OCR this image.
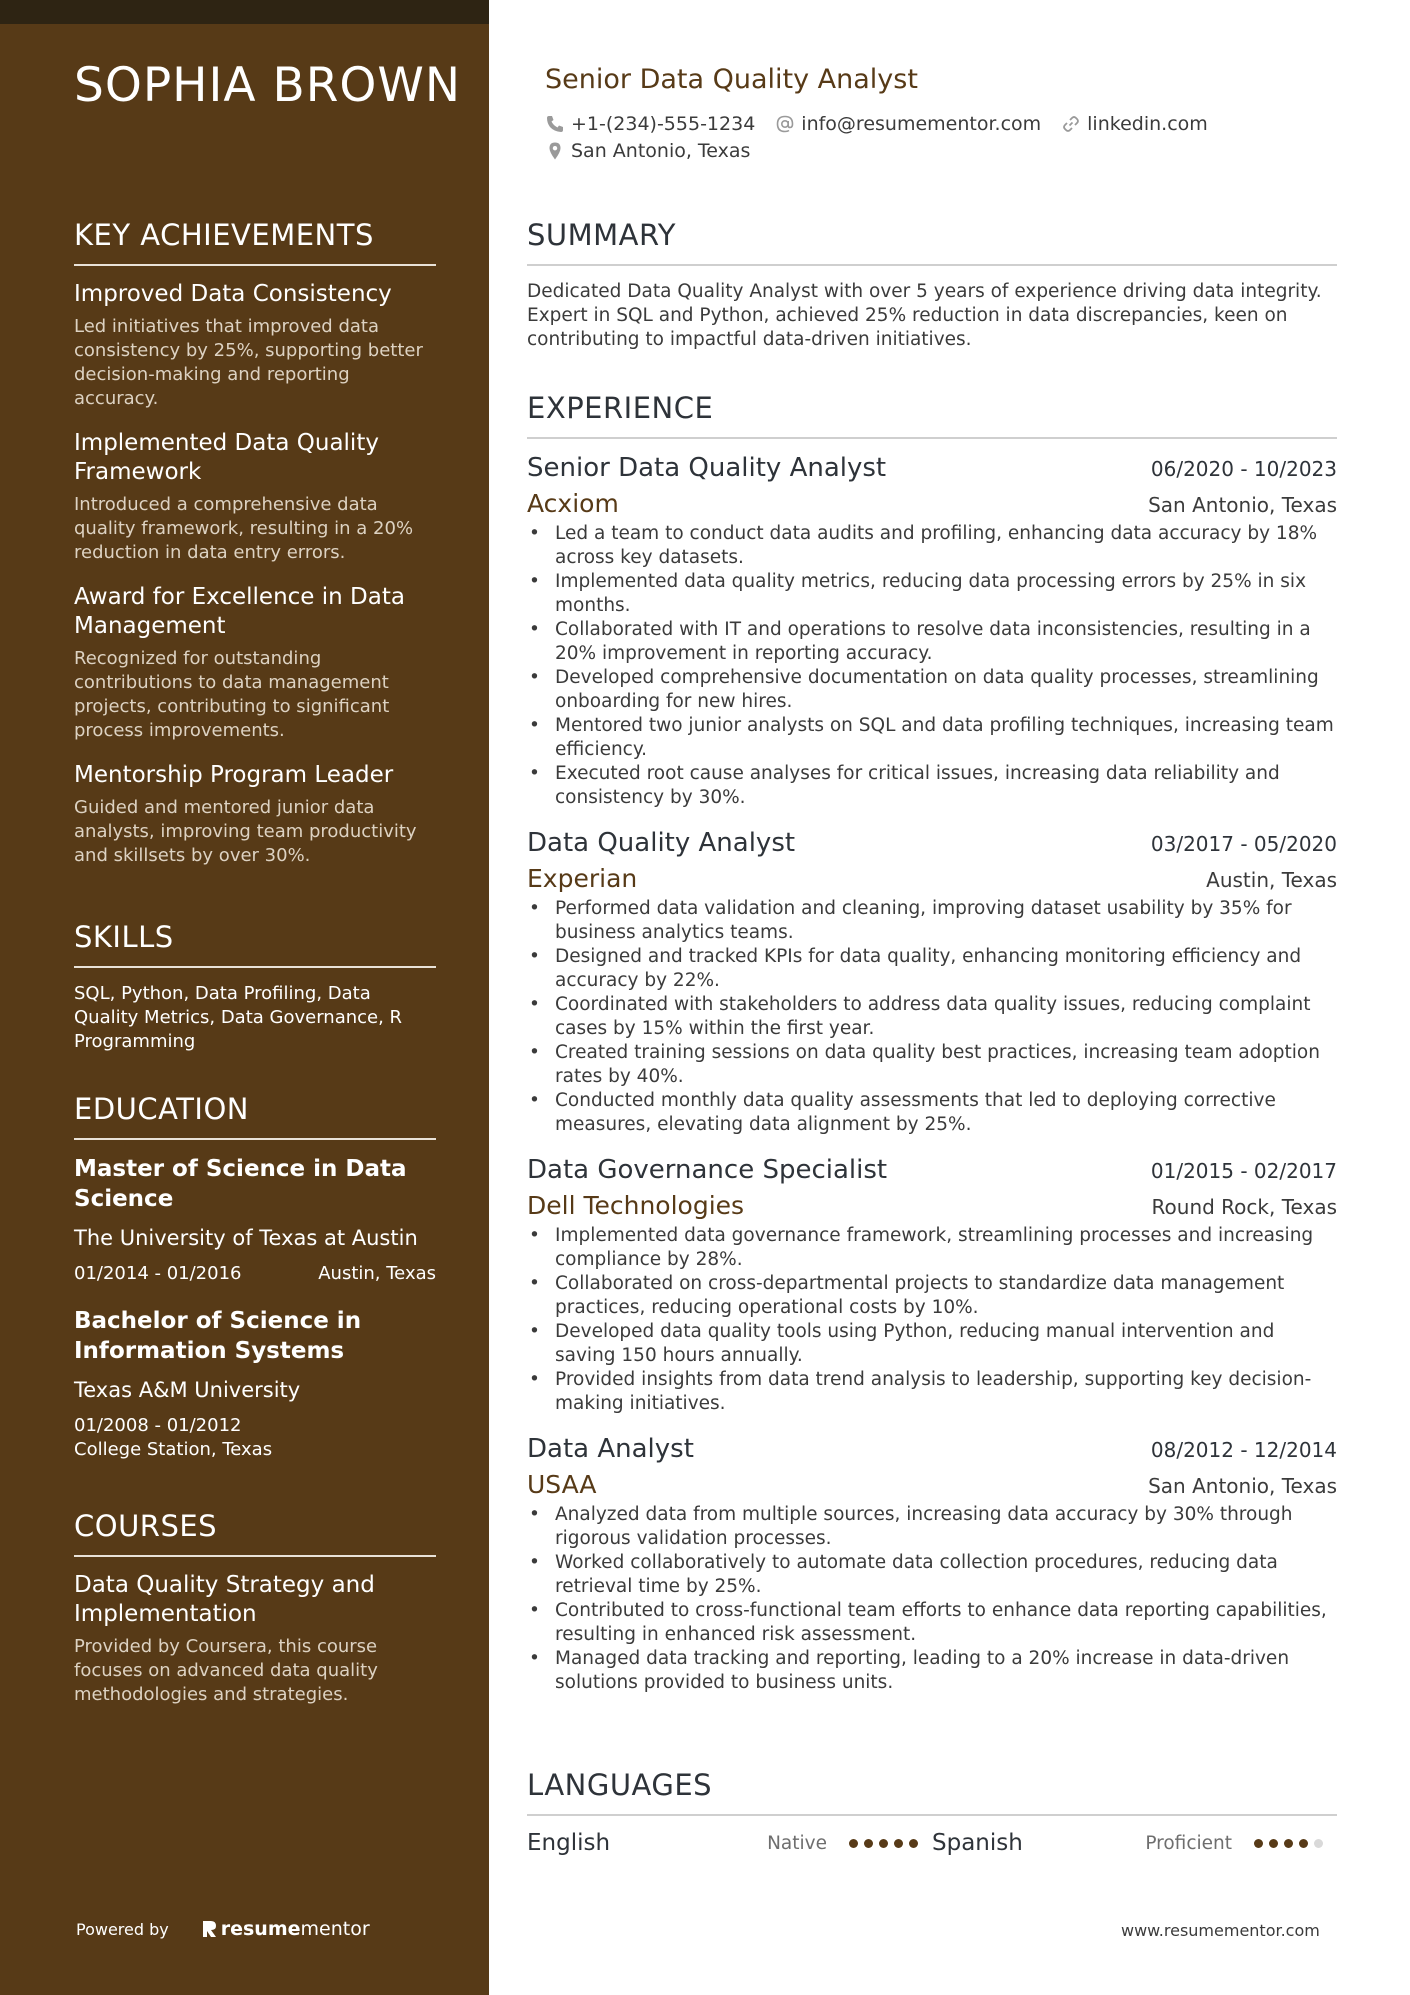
SOPHIA BROWN
KEY ACHIEVEMENTS
Improved Data Consistency
Led initiatives that improved data consistency by 25%, supporting better decision-making and reporting accuracy.
Implemented Data Quality Framework
Introduced a comprehensive data quality framework, resulting in a 20% reduction in data entry errors.
Award for Excellence in Data Management
Recognized for outstanding contributions to data management projects, contributing to significant process improvements.
Mentorship Program Leader
Guided and mentored junior data analysts, improving team productivity and skillsets by over 30%.
SKILLS
SQL, Python, Data Profiling, Data Quality Metrics, Data Governance, R Programming
EDUCATION
Master of Science in Data Science
The University of Texas at Austin
01/2014 - 01/2016	Austin, Texas
Bachelor of Science in Information Systems
Texas A&M University
01/2008 - 01/2012
College Station, Texas
COURSES
Data Quality Strategy and Implementation
Provided by Coursera, this course focuses on advanced data quality methodologies and strategies.
Powered by	resume mentor
Senior Data Quality Analyst
+1-(234)-555-1234 info@resumementor.com linkedin.com
San Antonio, Texas
SUMMARY
Dedicated Data Quality Analyst with over 5 years of experience driving data integrity. Expert in SQL and Python, achieved 25% reduction in data discrepancies, keen on contributing to impactful data-driven initiatives.
EXPERIENCE
Senior Data Quality Analyst	06/2020 - 10/2023
Acxiom	San Antonio, Texas
• Led a team to conduct data audits and profiling, enhancing data accuracy by 18% across key datasets.
• Implemented data quality metrics, reducing data processing errors by 25% in six months.
• Collaborated with IT and operations to resolve data inconsistencies, resulting in a 20% improvement in reporting accuracy.
• Developed comprehensive documentation on data quality processes, streamlining onboarding for new hires.
• Mentored two junior analysts on SQL and data profiling techniques, increasing team efficiency.
• Executed root cause analyses for critical issues, increasing data reliability and consistency by 30%.
Data Quality Analyst	03/2017 - 05/2020
Experian	Austin, Texas
• Performed data validation and cleaning, improving dataset usability by 35% for business analytics teams.
• Designed and tracked KPIs for data quality, enhancing monitoring efficiency and accuracy by 22%.
• Coordinated with stakeholders to address data quality issues, reducing complaint cases by 15% within the first year.
• Created training sessions on data quality best practices, increasing team adoption rates by 40%.
• Conducted monthly data quality assessments that led to deploying corrective measures, elevating data alignment by 25%.
Data Governance Specialist	01/2015 - 02/2017
Dell Technologies	Round Rock, Texas
• Implemented data governance framework, streamlining processes and increasing compliance by 28%.
• Collaborated on cross-departmental projects to standardize data management practices, reducing operational costs by 10%.
• Developed data quality tools using Python, reducing manual intervention and saving 150 hours annually.
• Provided insights from data trend analysis to leadership, supporting key decision-making initiatives.
Data Analyst	08/2012 - 12/2014
USAA	San Antonio, Texas
• Analyzed data from multiple sources, increasing data accuracy by 30% through rigorous validation processes.
• Worked collaboratively to automate data collection procedures, reducing data retrieval time by 25%.
• Contributed to cross-functional team efforts to enhance data reporting capabilities, resulting in enhanced risk assessment.
• Managed data tracking and reporting, leading to a 20% increase in data-driven solutions provided to business units.
LANGUAGES
English	Native	Spanish	Proficient
www.resumementor.com
